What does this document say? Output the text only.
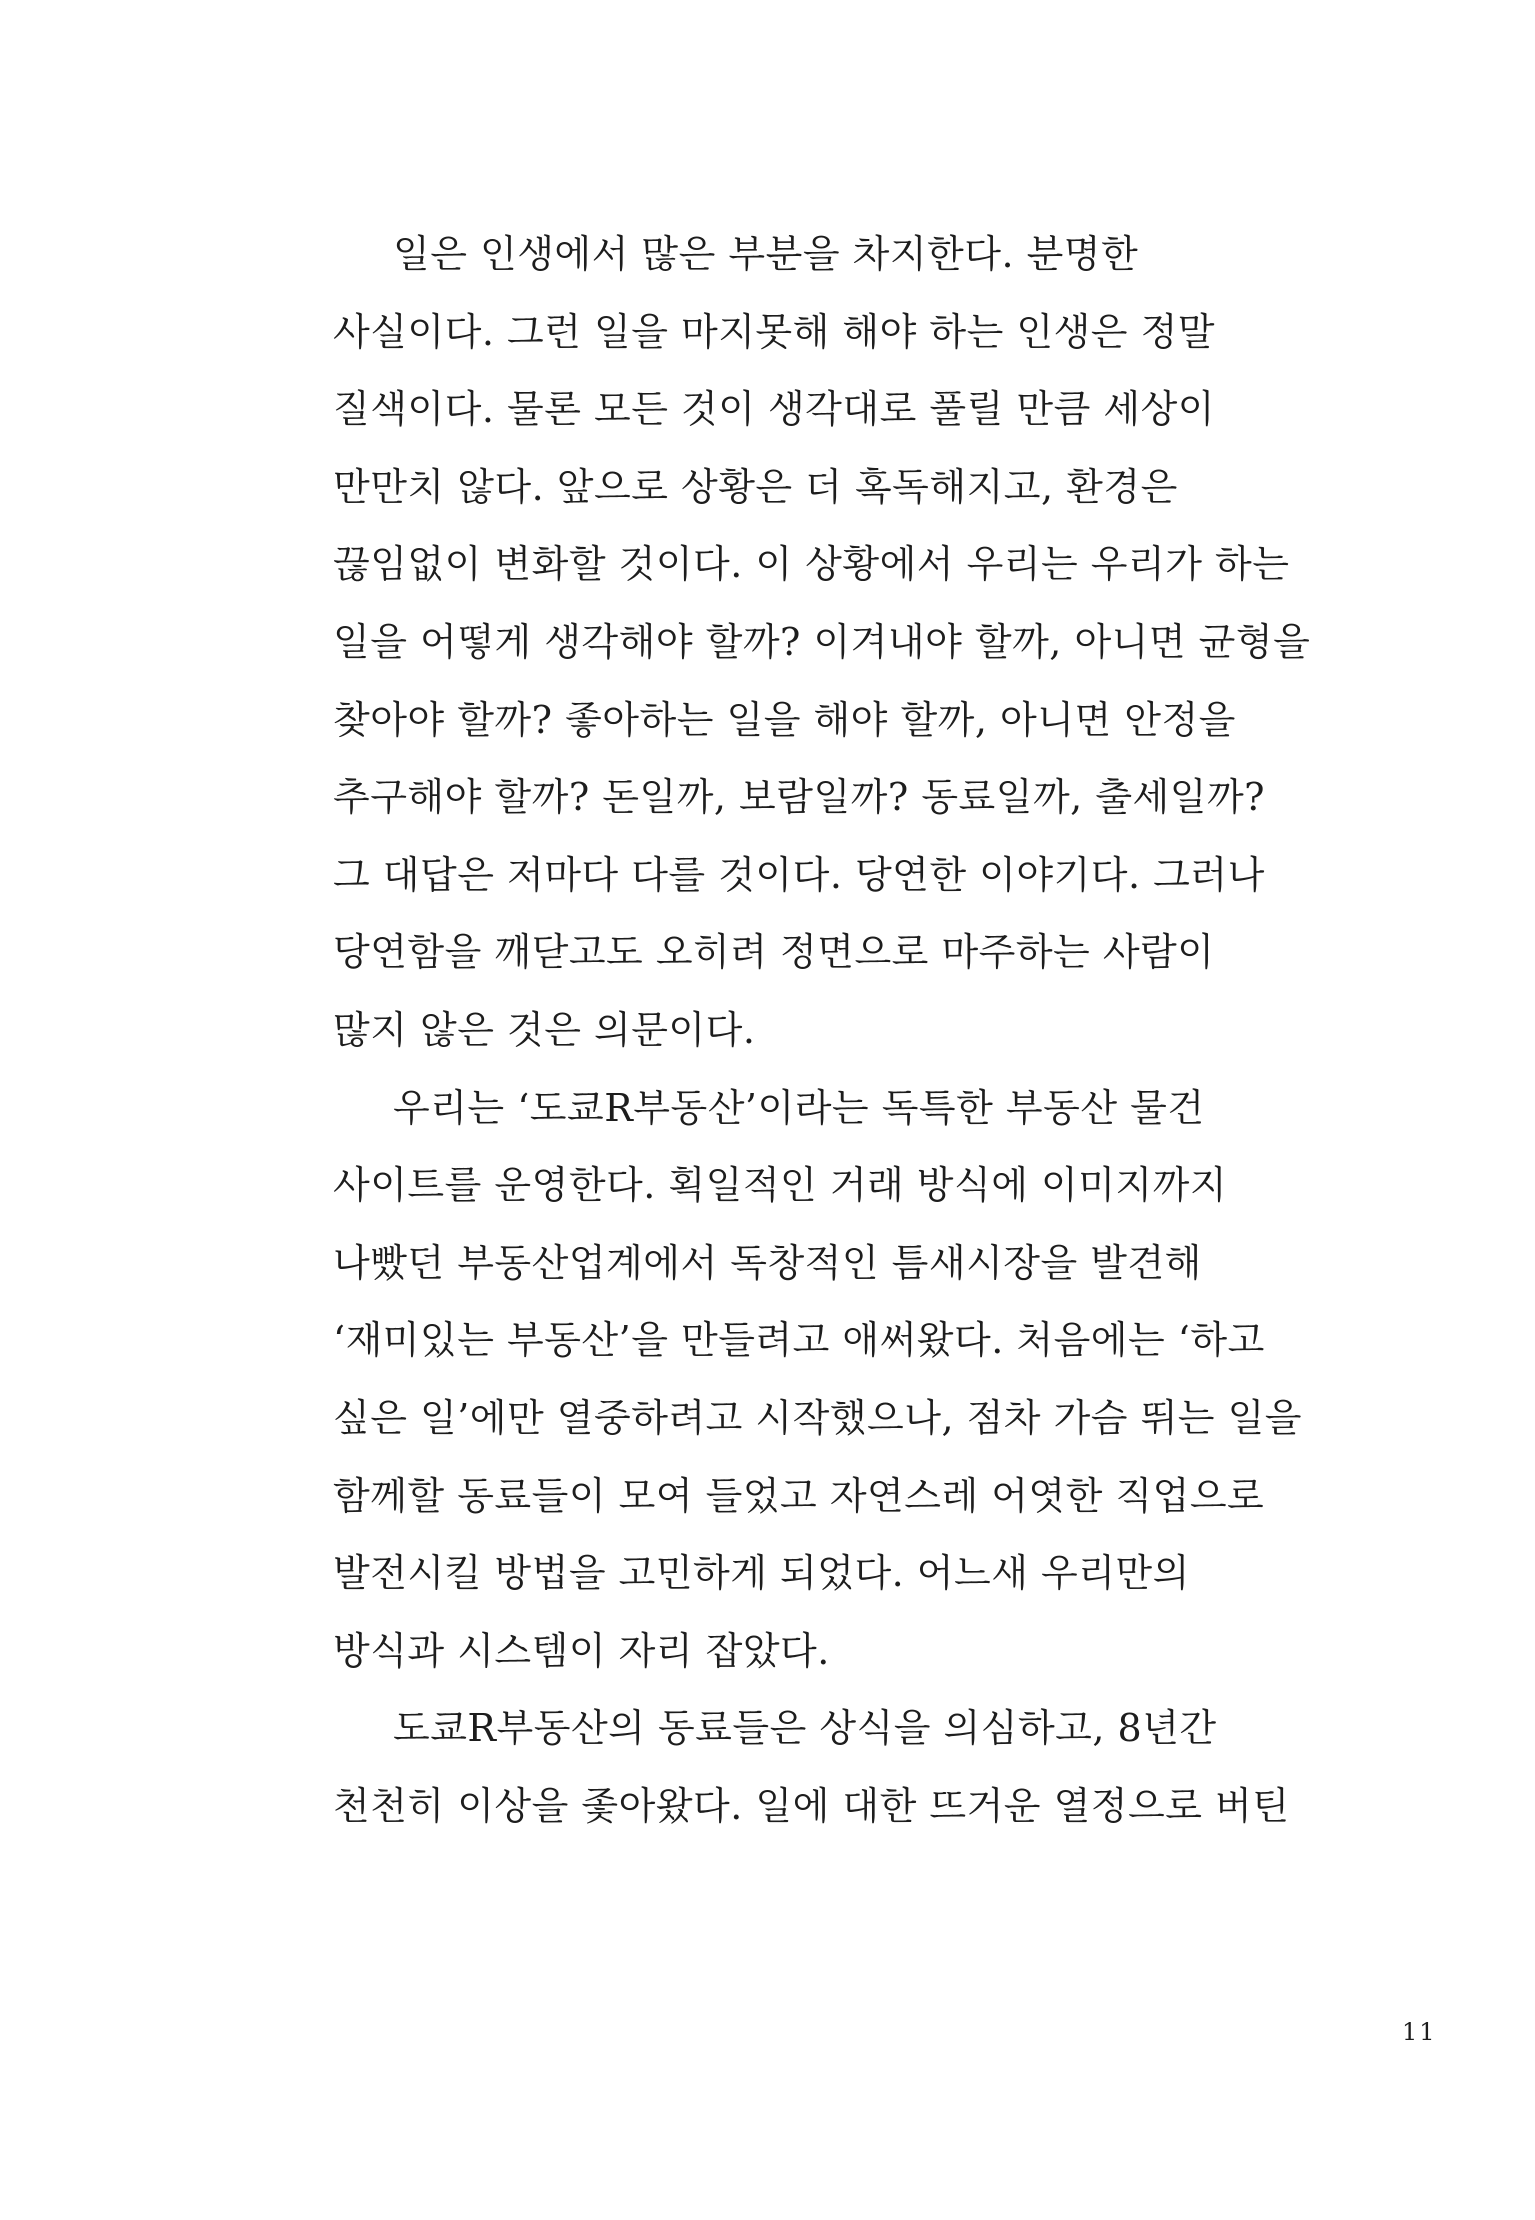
일은 인생에서 많은 부분을 차지한다. 분명한
사실이다. 그런 일을 마지못해 해야 하는 인생은 정말
질색이다. 물론 모든 것이 생각대로 풀릴 만큼 세상이
만만치 않다. 앞으로 상황은 더 혹독해지고, 환경은
끊임없이 변화할 것이다. 이 상황에서 우리는 우리가 하는
일을 어떻게 생각해야 할까? 이겨내야 할까, 아니면 균형을
찾아야 할까? 좋아하는 일을 해야 할까, 아니면 안정을
추구해야 할까? 돈일까, 보람일까? 동료일까, 출세일까?
그 대답은 저마다 다를 것이다. 당연한 이야기다. 그러나
당연함을 깨닫고도 오히려 정면으로 마주하는 사람이
많지 않은 것은 의문이다.
우리는 ‘도쿄R부동산’이라는 독특한 부동산 물건
사이트를 운영한다. 획일적인 거래 방식에 이미지까지
나빴던 부동산업계에서 독창적인 틈새시장을 발견해
‘재미있는 부동산’을 만들려고 애써왔다. 처음에는 ‘하고
싶은 일’에만 열중하려고 시작했으나, 점차 가슴 뛰는 일을
함께할 동료들이 모여 들었고 자연스레 어엿한 직업으로
발전시킬 방법을 고민하게 되었다. 어느새 우리만의
방식과 시스템이 자리 잡았다.
도쿄R부동산의 동료들은 상식을 의심하고, 8년간
천천히 이상을 좇아왔다. 일에 대한 뜨거운 열정으로 버틴
11
